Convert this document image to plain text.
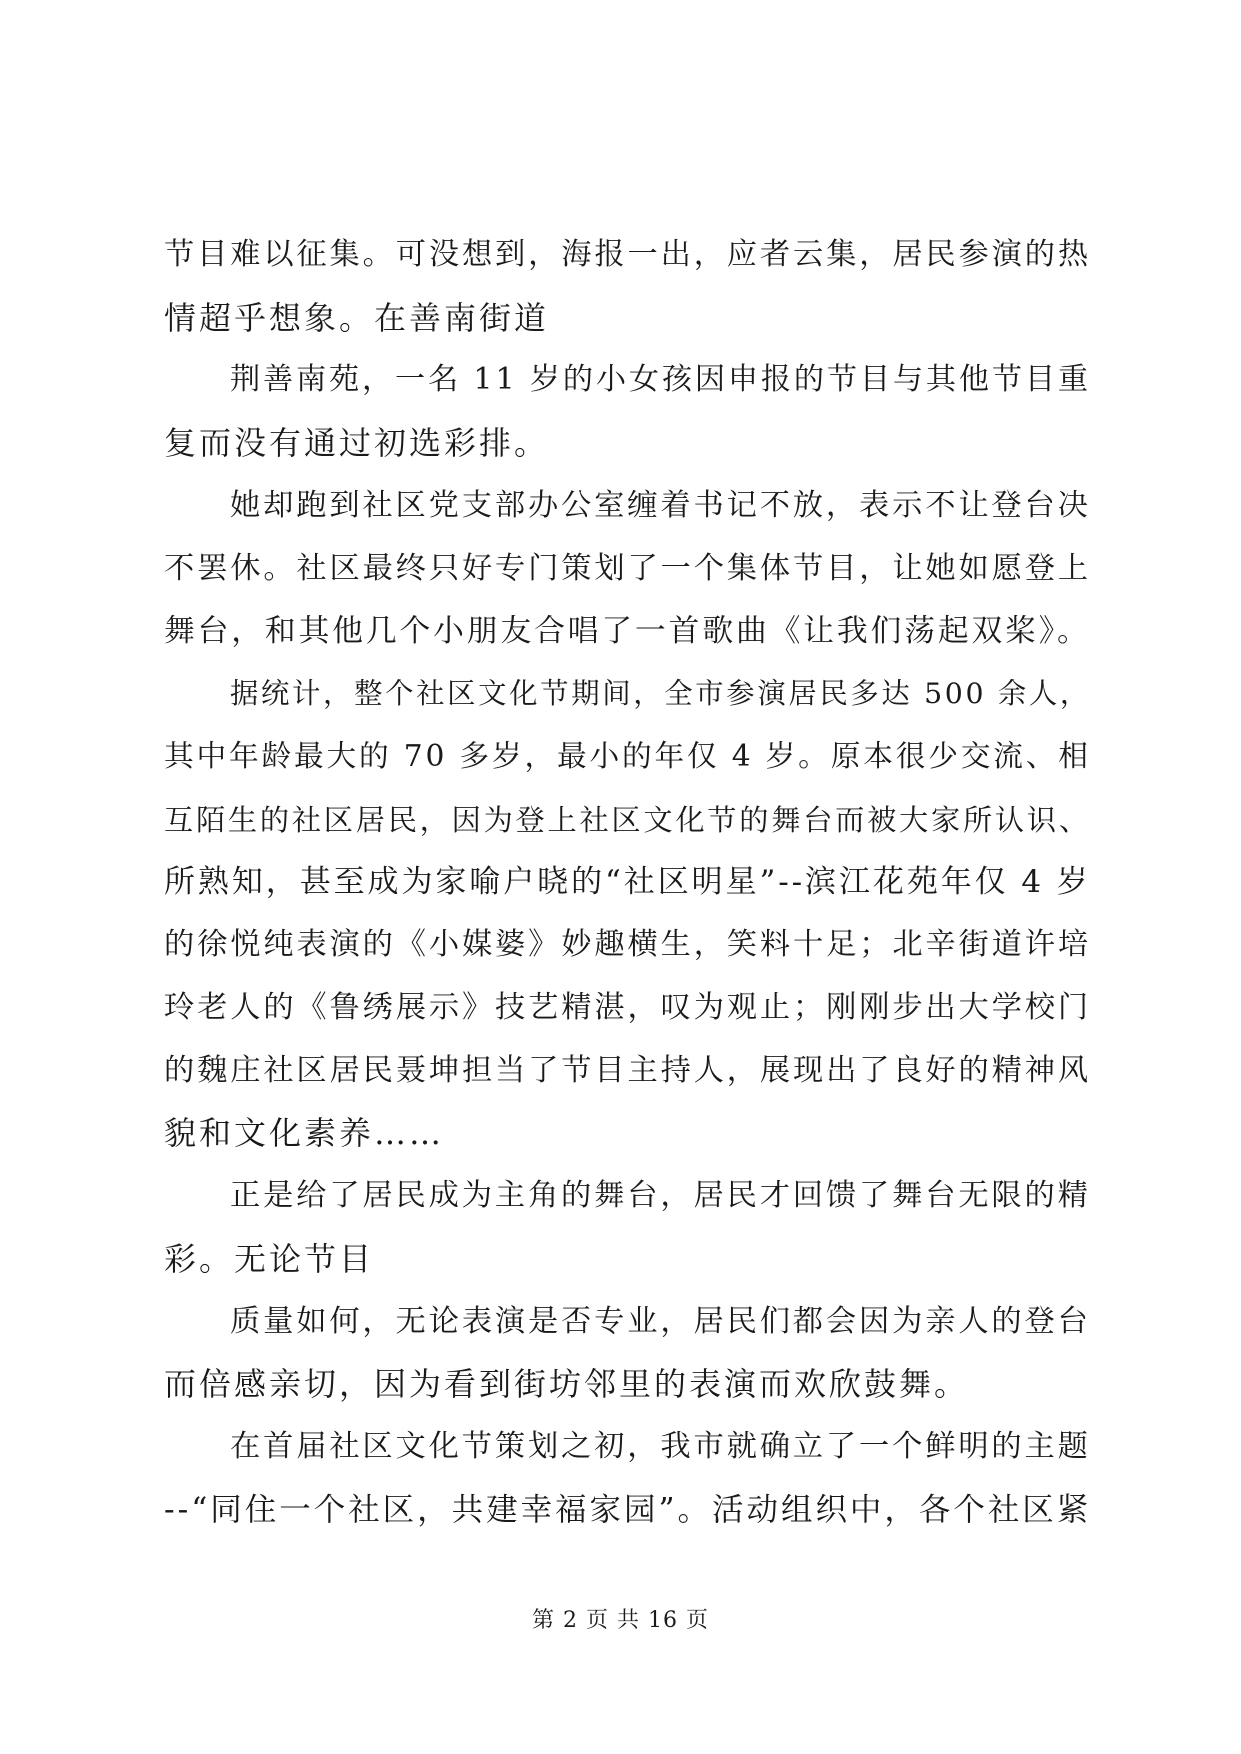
节目难以征集。可没想到，海报一出，应者云集，居民参演的热
情超乎想象。在善南街道
荆善南苑，一名 11 岁的小女孩因申报的节目与其他节目重
复而没有通过初选彩排。
她却跑到社区党支部办公室缠着书记不放，表示不让登台决
不罢休。社区最终只好专门策划了一个集体节目，让她如愿登上
舞台，和其他几个小朋友合唱了一首歌曲《让我们荡起双桨》。
据统计，整个社区文化节期间，全市参演居民多达 500 余人，
其中年龄最大的 70 多岁，最小的年仅 4 岁。原本很少交流、相
互陌生的社区居民，因为登上社区文化节的舞台而被大家所认识、
所熟知，甚至成为家喻户晓的“社区明星”--滨江花苑年仅 4 岁
的徐悦纯表演的《小媒婆》妙趣横生，笑料十足；北辛街道许培
玲老人的《鲁绣展示》技艺精湛，叹为观止；刚刚步出大学校门
的魏庄社区居民聂坤担当了节目主持人，展现出了良好的精神风
貌和文化素养……
正是给了居民成为主角的舞台，居民才回馈了舞台无限的精
彩。无论节目
质量如何，无论表演是否专业，居民们都会因为亲人的登台
而倍感亲切，因为看到街坊邻里的表演而欢欣鼓舞。
在首届社区文化节策划之初，我市就确立了一个鲜明的主题
--“同住一个社区，共建幸福家园”。活动组织中，各个社区紧
第 2 页 共 16 页
